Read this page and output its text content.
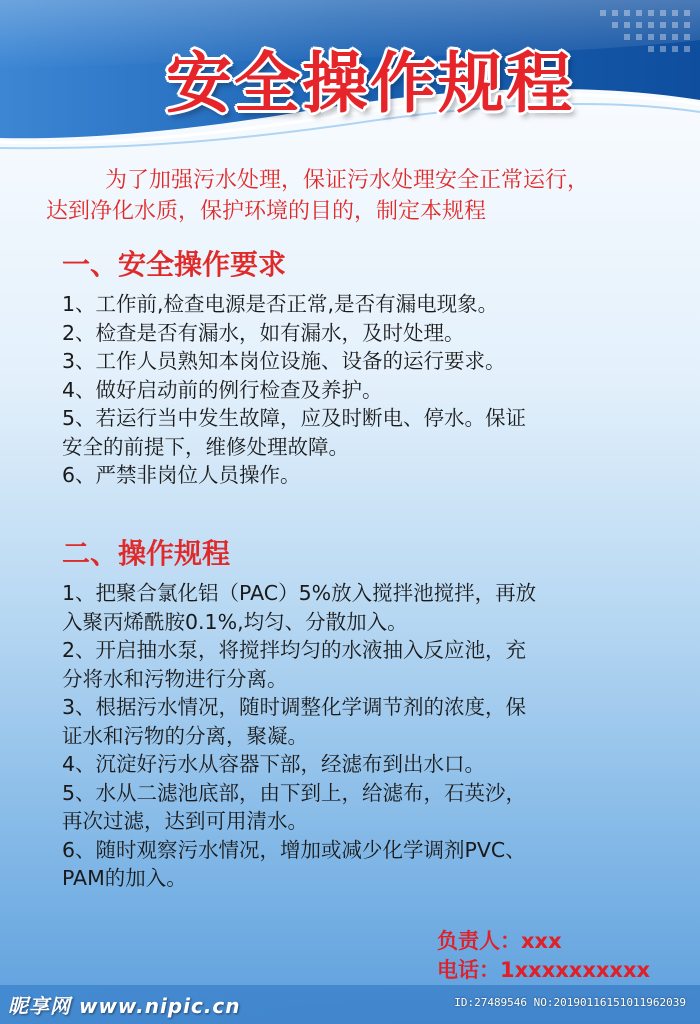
安全操作规程
为了加强污水处理，保证污水处理安全正常运行，
达到净化水质，保护环境的目的，制定本规程
一、安全操作要求
1、工作前,检查电源是否正常,是否有漏电现象。
2、检查是否有漏水，如有漏水，及时处理。
3、工作人员熟知本岗位设施、设备的运行要求。
4、做好启动前的例行检查及养护。
5、若运行当中发生故障，应及时断电、停水。保证
安全的前提下，维修处理故障。
6、严禁非岗位人员操作。
二、操作规程
1、把聚合氯化铝（PAC）5%放入搅拌池搅拌，再放
入聚丙烯酰胺0.1%,均匀、分散加入。
2、开启抽水泵，将搅拌均匀的水液抽入反应池，充
分将水和污物进行分离。
3、根据污水情况，随时调整化学调节剂的浓度，保
证水和污物的分离，聚凝。
4、沉淀好污水从容器下部，经滤布到出水口。
5、水从二滤池底部，由下到上，给滤布，石英沙，
再次过滤，达到可用清水。
6、随时观察污水情况，增加或减少化学调剂PVC、
PAM的加入。
负责人：xxx
电话：1xxxxxxxxxx
昵享网 www.nipic.cn	ID:27489546 NO:20190116151011962039
